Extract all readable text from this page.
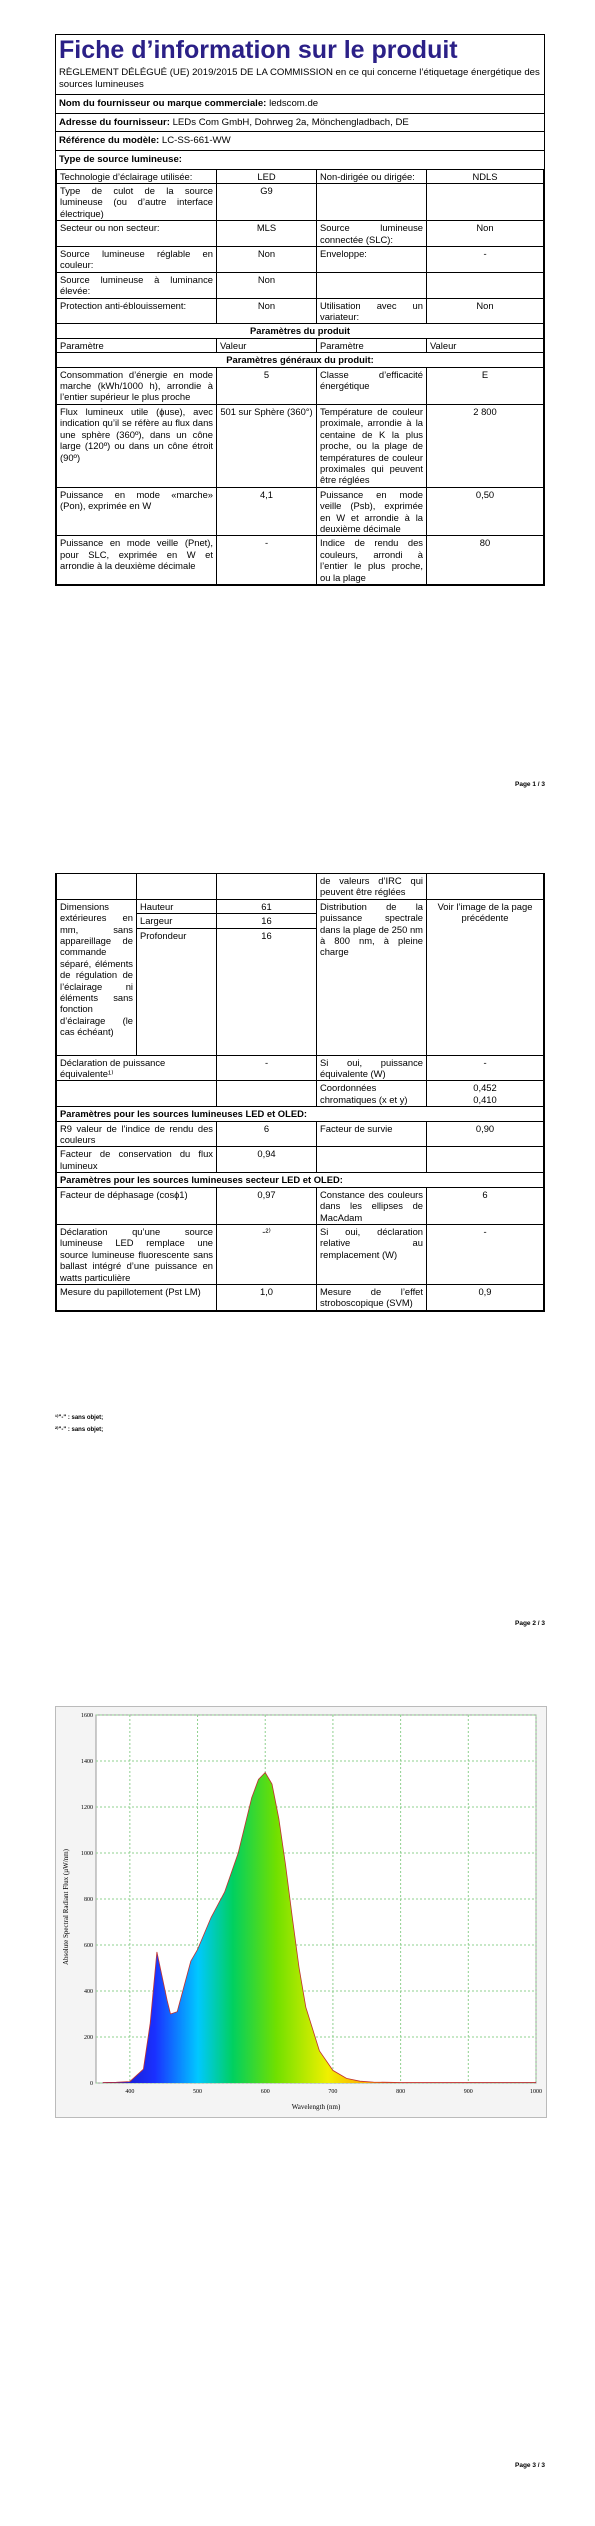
Fiche d’information sur le produit
RÈGLEMENT DÉLÉGUÉ (UE) 2019/2015 DE LA COMMISSION en ce qui concerne l’étiquetage énergétique des sources lumineuses
Nom du fournisseur ou marque commerciale: ledscom.de
Adresse du fournisseur: LEDs Com GmbH, Dohrweg 2a, Mönchengladbach, DE
Référence du modèle: LC-SS-661-WW
Type de source lumineuse:
Technologie d’éclairage utilisée:	LED	Non-dirigée ou dirigée:	NDLS
Type de culot de la source lumineuse (ou d’autre interface électrique)	G9		
Secteur ou non secteur:	MLS	Source lumineuse connectée (SLC):	Non
Source lumineuse réglable en couleur:	Non	Enveloppe:	-
Source lumineuse à luminance élevée:	Non		
Protection anti-éblouissement:	Non	Utilisation avec un variateur:	Non
Paramètres du produit			
Paramètre	Valeur	Paramètre	Valeur
Paramètres généraux du produit:			
Consommation d’énergie en mode marche (kWh/1000 h), arrondie à l’entier supérieur le plus proche	5	Classe d’efficacité énergétique	E
Flux lumineux utile (ɸuse), avec indication qu’il se réfère au flux dans une sphère (360º), dans un cône large (120º) ou dans un cône étroit (90º)	501 sur Sphère (360°)	Température de couleur proximale, arrondie à la centaine de K la plus proche, ou la plage de températures de couleur proximales qui peuvent être réglées	2 800
Puissance en mode «marche» (Pon), exprimée en W	4,1	Puissance en mode veille (Psb), exprimée en W et arrondie à la deuxième décimale	0,50
Puissance en mode veille (Pnet), pour SLC, exprimée en W et arrondie à la deuxième décimale	-	Indice de rendu des couleurs, arrondi à l’entier le plus proche, ou la plage	80
Page 1 / 3
			de valeurs d’IRC qui peuvent être réglées	
Dimensions extérieures en mm, sans appareillage de commande séparé, éléments de régulation de l’éclairage ni éléments sans fonction d’éclairage (le cas échéant)	Hauteur	61	Distribution de la puissance spectrale dans la plage de 250 nm à 800 nm, à pleine charge	Voir l’image de la page précédente
	Largeur	16		
	Profondeur	16		
Déclaration de puissance équivalente¹⁾		-	Si oui, puissance équivalente (W)	-
			Coordonnées chromatiques (x et y)	0,452
0,410
Paramètres pour les sources lumineuses LED et OLED:				
R9 valeur de l’indice de rendu des couleurs		6	Facteur de survie	0,90
Facteur de conservation du flux lumineux		0,94		
Paramètres pour les sources lumineuses secteur LED et OLED:				
Facteur de déphasage (cosɸ1)		0,97	Constance des couleurs dans les ellipses de MacAdam	6
Déclaration qu’une source lumineuse LED remplace une source lumineuse fluorescente sans ballast intégré d’une puissance en watts particulière		-²⁾	Si oui, déclaration relative au remplacement (W)	-
Mesure du papillotement (Pst LM)		1,0	Mesure de l’effet stroboscopique (SVM)	0,9
¹⁾"-" : sans objet;
²⁾"-" : sans objet;
Page 2 / 3
400	500	600	700	800	900	1000
0
200
400
600
800
1000
1200
1400
1600
Absolute Spectral Radiant Flux (µW/nm)
Wavelength (nm)
Page 3 / 3
